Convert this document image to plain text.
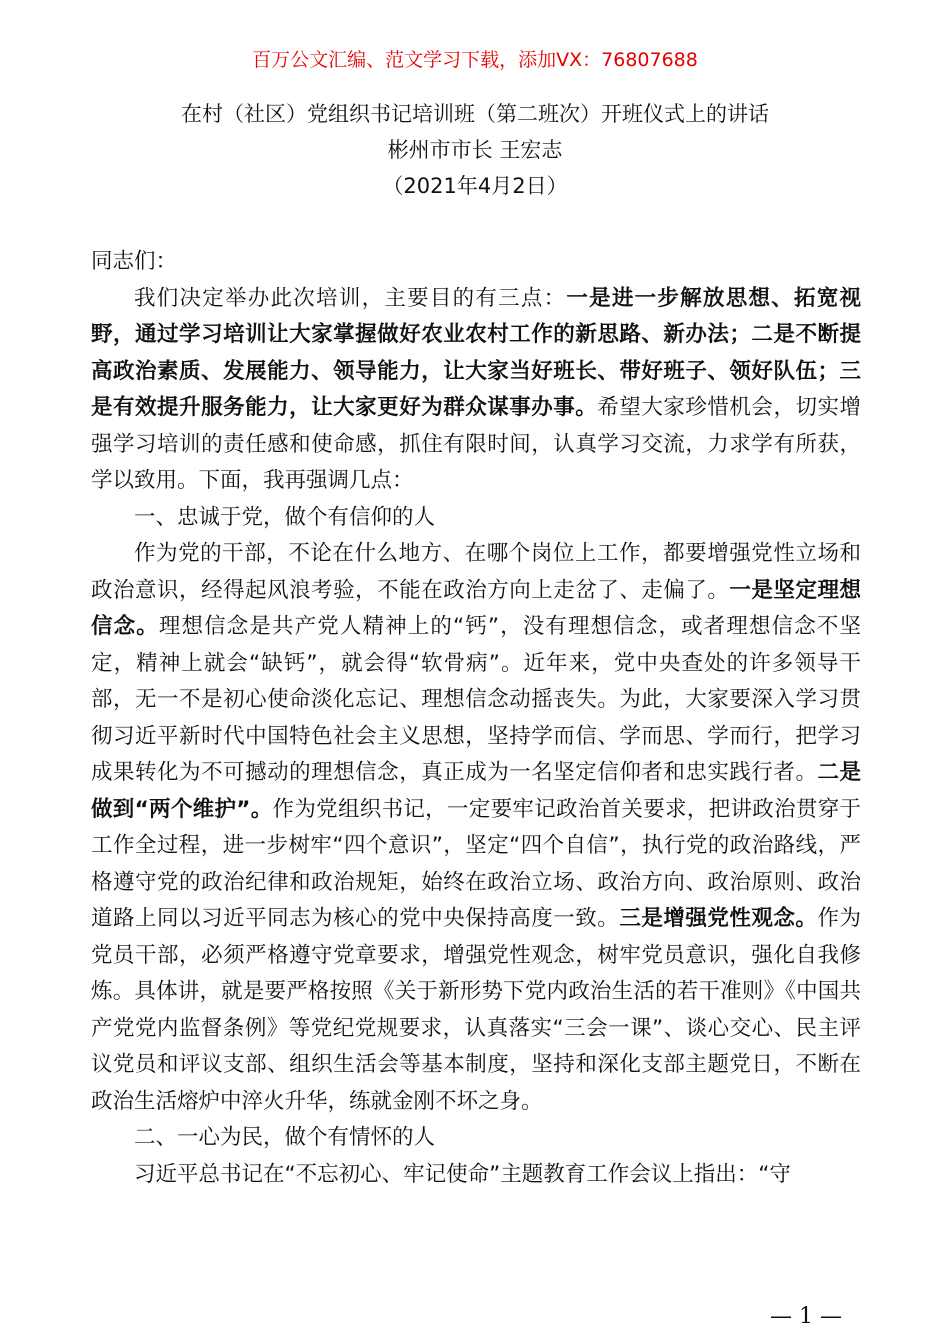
百万公文汇编、范文学习下载，添加VX：76807688
在村（社区）党组织书记培训班（第二班次）开班仪式上的讲话
彬州市市长 王宏志
（2021年4月2日）

同志们：

我们决定举办此次培训，主要目的有三点：一是进一步解放思想、拓宽视野，通过学习培训让大家掌握做好农业农村工作的新思路、新办法；二是不断提高政治素质、发展能力、领导能力，让大家当好班长、带好班子、领好队伍；三是有效提升服务能力，让大家更好为群众谋事办事。希望大家珍惜机会，切实增强学习培训的责任感和使命感，抓住有限时间，认真学习交流，力求学有所获，学以致用。下面，我再强调几点：

一、忠诚于党，做个有信仰的人

作为党的干部，不论在什么地方、在哪个岗位上工作，都要增强党性立场和政治意识，经得起风浪考验，不能在政治方向上走岔了、走偏了。一是坚定理想信念。理想信念是共产党人精神上的“钙”，没有理想信念，或者理想信念不坚定，精神上就会“缺钙”，就会得“软骨病”。近年来，党中央查处的许多领导干部，无一不是初心使命淡化忘记、理想信念动摇丧失。为此，大家要深入学习贯彻习近平新时代中国特色社会主义思想，坚持学而信、学而思、学而行，把学习成果转化为不可撼动的理想信念，真正成为一名坚定信仰者和忠实践行者。二是做到“两个维护”。作为党组织书记，一定要牢记政治首关要求，把讲政治贯穿于工作全过程，进一步树牢“四个意识”，坚定“四个自信”，执行党的政治路线，严格遵守党的政治纪律和政治规矩，始终在政治立场、政治方向、政治原则、政治道路上同以习近平同志为核心的党中央保持高度一致。三是增强党性观念。作为党员干部，必须严格遵守党章要求，增强党性观念，树牢党员意识，强化自我修炼。具体讲，就是要严格按照《关于新形势下党内政治生活的若干准则》《中国共产党党内监督条例》等党纪党规要求，认真落实“三会一课”、谈心交心、民主评议党员和评议支部、组织生活会等基本制度，坚持和深化支部主题党日，不断在政治生活熔炉中淬火升华，练就金刚不坏之身。

二、一心为民，做个有情怀的人

习近平总书记在“不忘初心、牢记使命”主题教育工作会议上指出：“守

— 1 —
